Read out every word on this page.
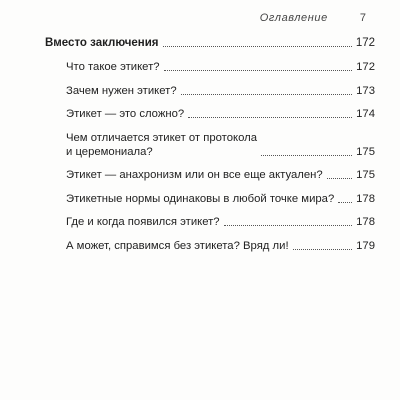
Оглавление	7
Вместо заключения	172
Что такое этикет?	172
Зачем нужен этикет?	173
Этикет — это сложно?	174
Чем отличается этикет от протокола
и церемониала?	175
Этикет — анахронизм или он все еще актуален?	175
Этикетные нормы одинаковы в любой точке мира? 178
Где и когда появился этикет?	178
А может, справимся без этикета? Вряд ли!	179
